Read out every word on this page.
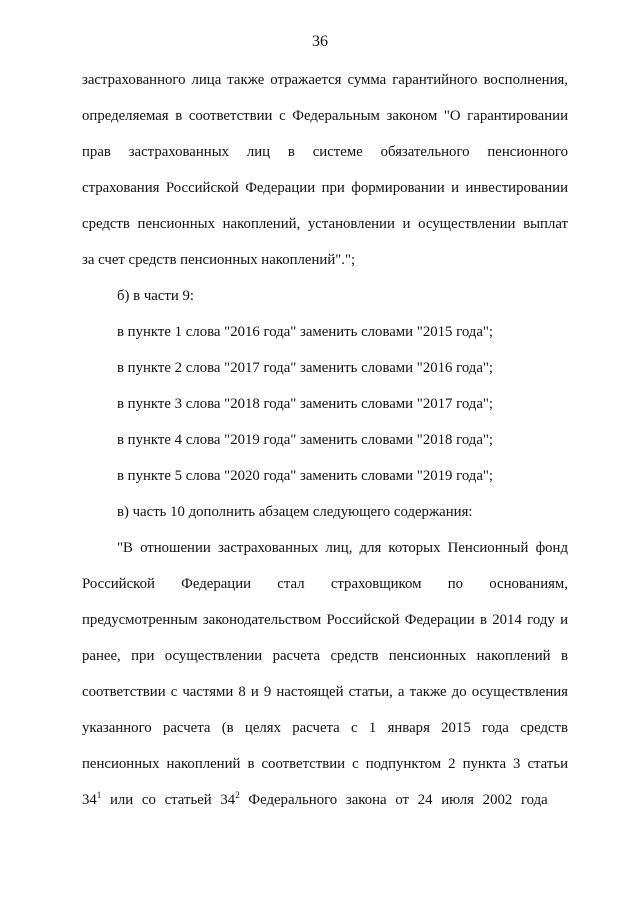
36
застрахованного лица также отражается сумма гарантийного восполнения,
определяемая в соответствии с Федеральным законом "О гарантировании
прав застрахованных лиц в системе обязательного пенсионного
страхования Российской Федерации при формировании и инвестировании
средств пенсионных накоплений, установлении и осуществлении выплат
за счет средств пенсионных накоплений".";
б) в части 9:
в пункте 1 слова "2016 года" заменить словами "2015 года";
в пункте 2 слова "2017 года" заменить словами "2016 года";
в пункте 3 слова "2018 года" заменить словами "2017 года";
в пункте 4 слова "2019 года" заменить словами "2018 года";
в пункте 5 слова "2020 года" заменить словами "2019 года";
в) часть 10 дополнить абзацем следующего содержания:
"В отношении застрахованных лиц, для которых Пенсионный фонд
Российской Федерации стал страховщиком по основаниям,
предусмотренным законодательством Российской Федерации в 2014 году и
ранее, при осуществлении расчета средств пенсионных накоплений в
соответствии с частями 8 и 9 настоящей статьи, а также до осуществления
указанного расчета (в целях расчета с 1 января 2015 года средств
пенсионных накоплений в соответствии с подпунктом 2 пункта 3 статьи
$34^1$ или со статьей $34^2$ Федерального закона от 24 июля 2002 года
